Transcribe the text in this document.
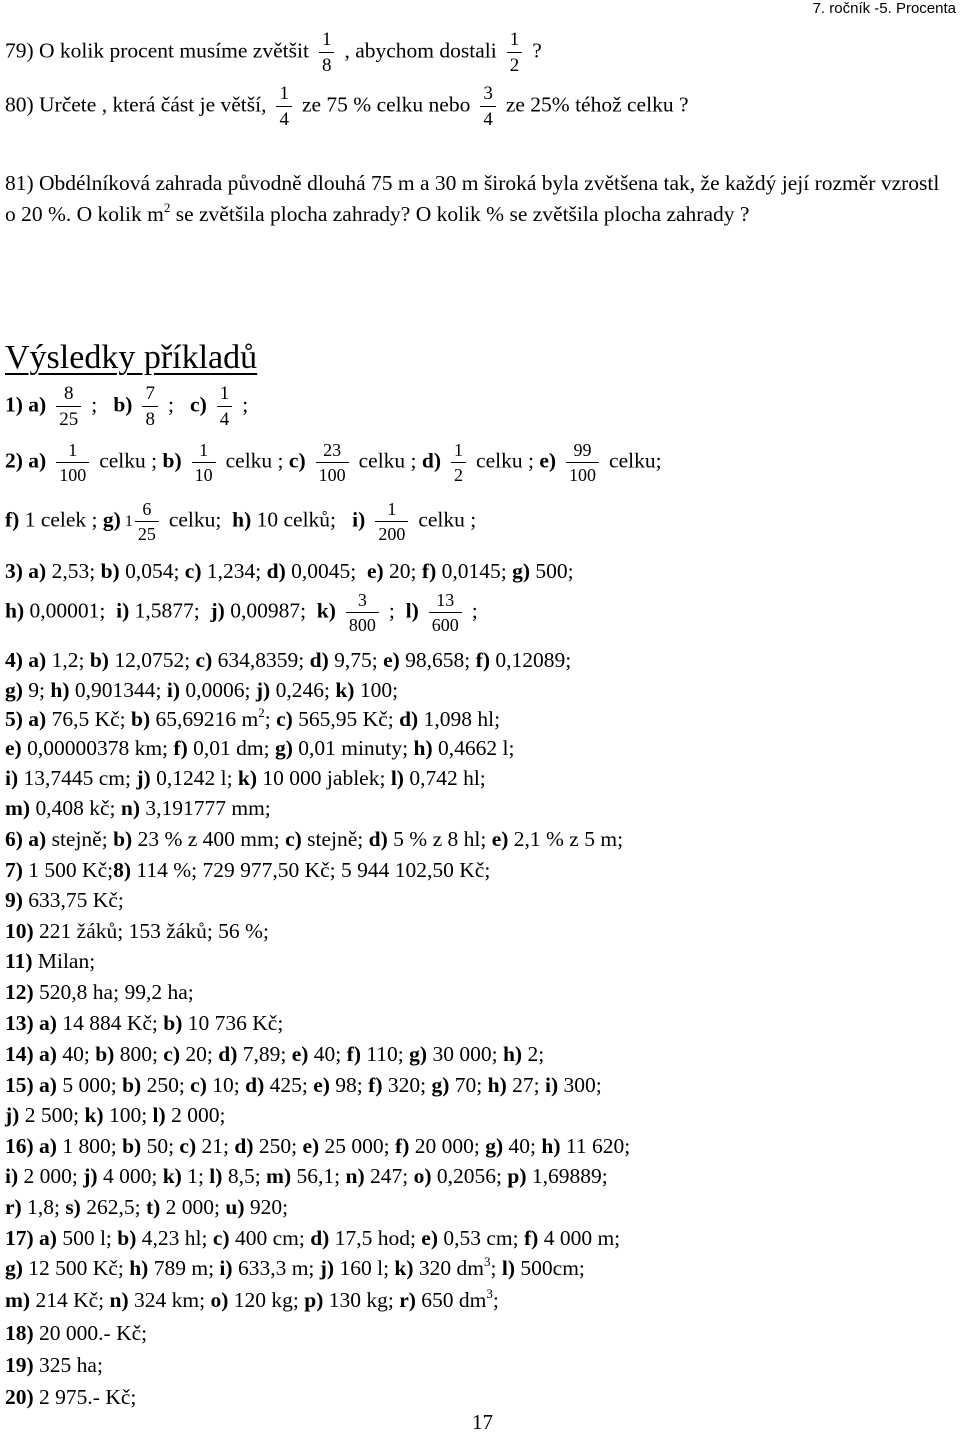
7. ročník -5. Procenta
79) O kolik procent musíme zvětšit $\frac{1}{8}$ , abychom dostali $\frac{1}{2}$ ?
80) Určete , která část je větší, $\frac{1}{4}$ ze 75 % celku nebo $\frac{3}{4}$ ze 25% téhož celku ?
81) Obdélníková zahrada původně dlouhá 75 m a 30 m široká byla zvětšena tak, že každý její rozměr vzrostl o 20 %. O kolik $m^2$ se zvětšila plocha zahrady? O kolik % se zvětšila plocha zahrady ?
Výsledky příkladů
1) $a) \frac{8}{25}$ ; $b) \frac{7}{8}$ ; $c) \frac{1}{4}$ ;
2) $a) \frac{1}{100}$ celku ; $b) \frac{1}{10}$ celku ; $c) \frac{23}{100}$ celku ; $d) \frac{1}{2}$ celku ; $e) \frac{99}{100}$ celku;
f) 1 celek ; g) $1 \frac{6}{25}$ celku; h) 10 celků; $i) \frac{1}{200}$ celku ;
3) a) 2,53; b) 0,054; c) 1,234; d) 0,0045; e) 20; f) 0,0145; g) 500;
h) 0,00001; i) 1,5877; j) 0,00987; $k) \frac{3}{800}$ ; $l) \frac{13}{600}$ ;
4) a) 1,2; b) 12,0752; c) 634,8359; d) 9,75; e) 98,658; f) 0,12089;
g) 9; h) 0,901344; i) 0,0006; j) 0,246; k) 100;
5) a) 76,5 Kč; b) 65,69216 $m^2$; c) 565,95 Kč; d) 1,098 hl;
e) 0,00000378 km; f) 0,01 dm; g) 0,01 minuty; h) 0,4662 l;
i) 13,7445 cm; j) 0,1242 l; k) 10 000 jablek; l) 0,742 hl;
m) 0,408 kč; n) 3,191777 mm;
6) a) stejně; b) 23 % z 400 mm; c) stejně; d) 5 % z 8 hl; e) 2,1 % z 5 m;
7) 1 500 Kč;8) 114 %; 729 977,50 Kč; 5 944 102,50 Kč;
9) 633,75 Kč;
10) 221 žáků; 153 žáků; 56 %;
11) Milan;
12) 520,8 ha; 99,2 ha;
13) a) 14 884 Kč; b) 10 736 Kč;
14) a) 40; b) 800; c) 20; d) 7,89; e) 40; f) 110; g) 30 000; h) 2;
15) a) 5 000; b) 250; c) 10; d) 425; e) 98; f) 320; g) 70; h) 27; i) 300;
j) 2 500; k) 100; l) 2 000;
16) a) 1 800; b) 50; c) 21; d) 250; e) 25 000; f) 20 000; g) 40; h) 11 620;
i) 2 000; j) 4 000; k) 1; l) 8,5; m) 56,1; n) 247; o) 0,2056; p) 1,69889;
r) 1,8; s) 262,5; t) 2 000; u) 920;
17) a) 500 l; b) 4,23 hl; c) 400 cm; d) 17,5 hod; e) 0,53 cm; f) 4 000 m;
g) 12 500 Kč; h) 789 m; i) 633,3 m; j) 160 l; k) 320 $dm^3$; l) 500cm;
m) 214 Kč; n) 324 km; o) 120 kg; p) 130 kg; r) 650 $dm^3$;
18) 20 000.- Kč;
19) 325 ha;
20) 2 975.- Kč;
17
